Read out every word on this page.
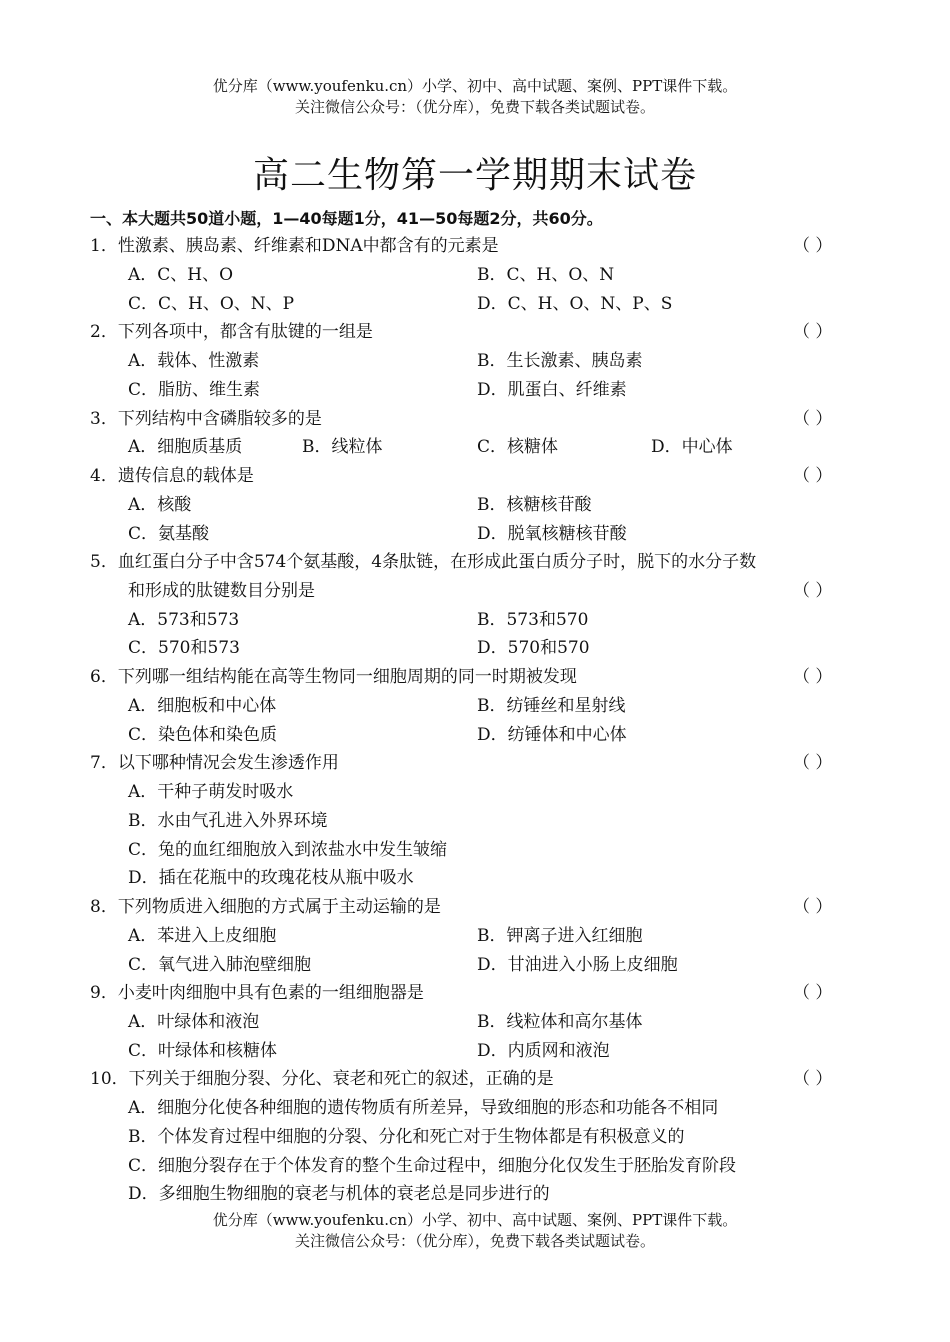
优分库（www.youfenku.cn）小学、初中、高中试题、案例、PPT课件下载。
关注微信公众号：（优分库），免费下载各类试题试卷。
高二生物第一学期期末试卷
一、本大题共50道小题，1—40每题1分，41—50每题2分，共60分。
1．性激素、胰岛素、纤维素和DNA中都含有的元素是	（ ）
A．C、H、O	B．C、H、O、N
C．C、H、O、N、P	D．C、H、O、N、P、S
2．下列各项中，都含有肽键的一组是	（ ）
A．载体、性激素	B．生长激素、胰岛素
C．脂肪、维生素	D．肌蛋白、纤维素
3．下列结构中含磷脂较多的是	（ ）
A．细胞质基质	B．线粒体	C．核糖体	D．中心体
4．遗传信息的载体是	（ ）
A．核酸	B．核糖核苷酸
C．氨基酸	D．脱氧核糖核苷酸
5．血红蛋白分子中含574个氨基酸，4条肽链，在形成此蛋白质分子时，脱下的水分子数
和形成的肽键数目分别是	（ ）
A．573和573	B．573和570
C．570和573	D．570和570
6．下列哪一组结构能在高等生物同一细胞周期的同一时期被发现	（ ）
A．细胞板和中心体	B．纺锤丝和星射线
C．染色体和染色质	D．纺锤体和中心体
7．以下哪种情况会发生渗透作用	（ ）
A．干种子萌发时吸水
B．水由气孔进入外界环境
C．兔的血红细胞放入到浓盐水中发生皱缩
D．插在花瓶中的玫瑰花枝从瓶中吸水
8．下列物质进入细胞的方式属于主动运输的是	（ ）
A．苯进入上皮细胞	B．钾离子进入红细胞
C．氧气进入肺泡壁细胞	D．甘油进入小肠上皮细胞
9．小麦叶肉细胞中具有色素的一组细胞器是	（ ）
A．叶绿体和液泡	B．线粒体和高尔基体
C．叶绿体和核糖体	D．内质网和液泡
10．下列关于细胞分裂、分化、衰老和死亡的叙述，正确的是	（ ）
A．细胞分化使各种细胞的遗传物质有所差异，导致细胞的形态和功能各不相同
B．个体发育过程中细胞的分裂、分化和死亡对于生物体都是有积极意义的
C．细胞分裂存在于个体发育的整个生命过程中，细胞分化仅发生于胚胎发育阶段
D．多细胞生物细胞的衰老与机体的衰老总是同步进行的
优分库（www.youfenku.cn）小学、初中、高中试题、案例、PPT课件下载。
关注微信公众号：（优分库），免费下载各类试题试卷。
